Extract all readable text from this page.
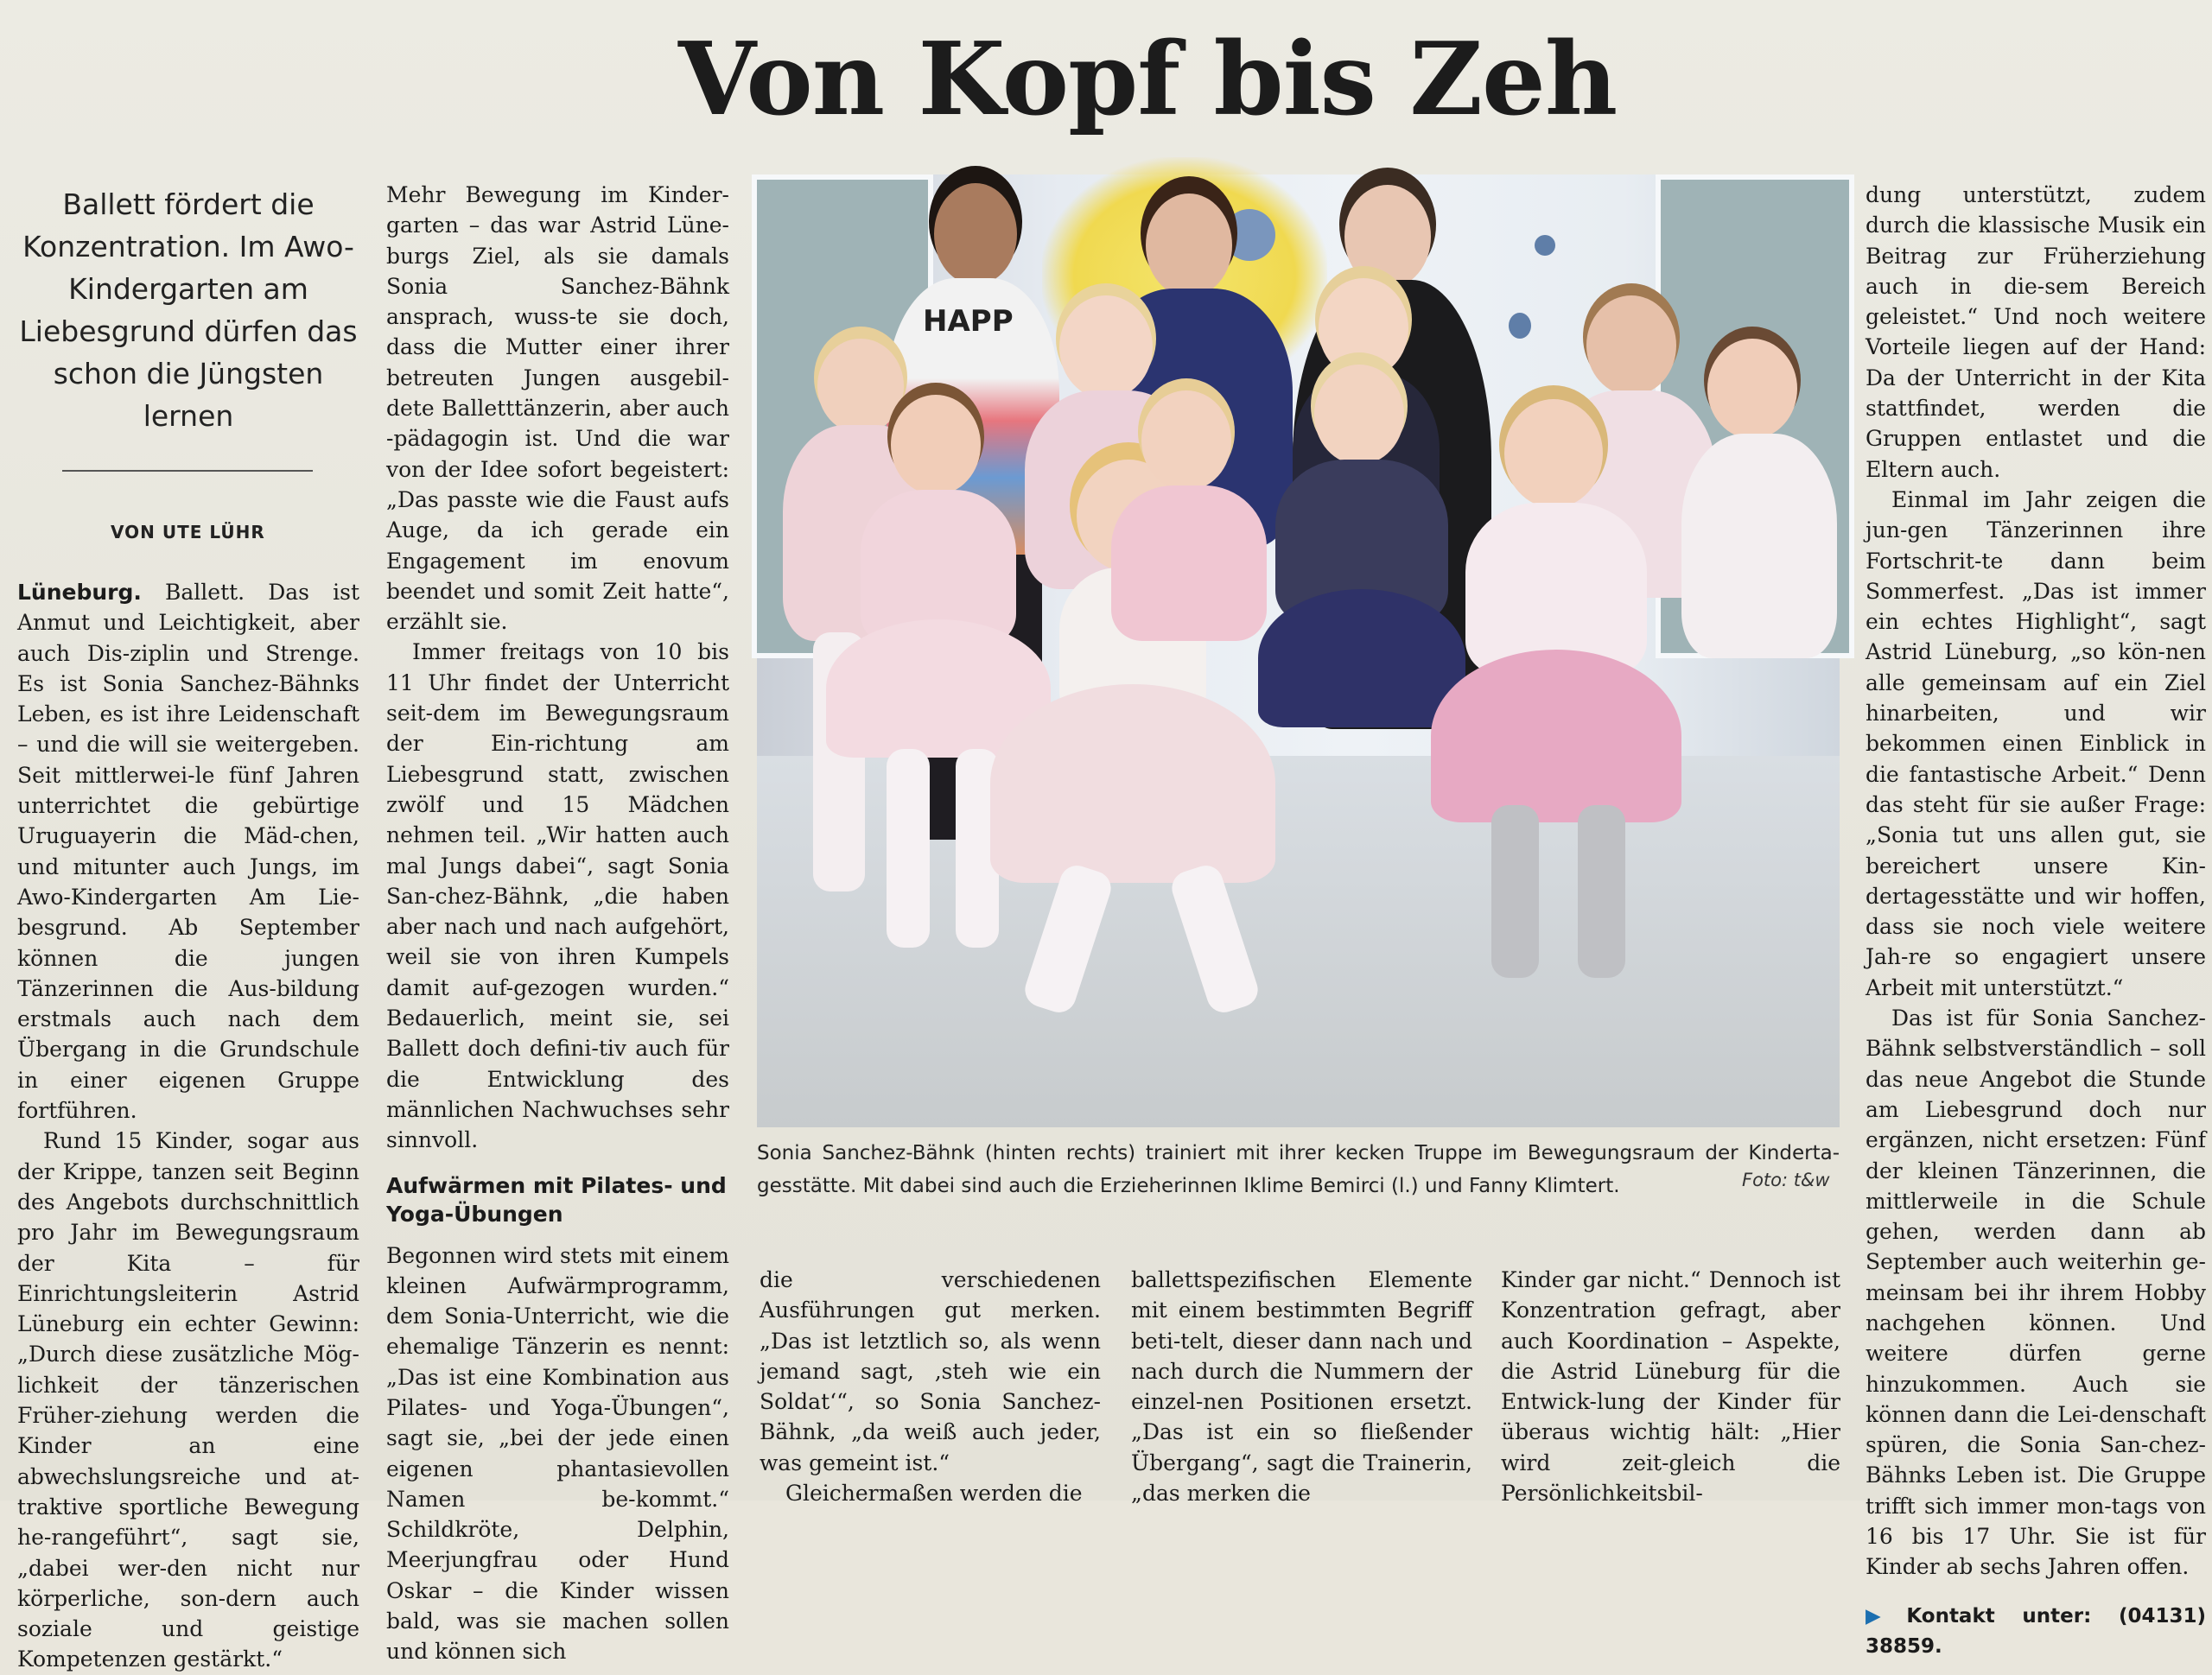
Von Kopf bis Zeh
Ballett fördert die Konzentration. Im Awo-Kindergarten am Liebesgrund dürfen das schon die Jüngsten lernen
VON UTE LÜHR

Lüneburg. Ballett. Das ist Anmut und Leichtigkeit, aber auch Dis-ziplin und Strenge. Es ist Sonia Sanchez-Bähnks Leben, es ist ihre Leidenschaft – und die will sie weitergeben. Seit mittlerwei-le fünf Jahren unterrichtet die gebürtige Uruguayerin die Mäd-chen, und mitunter auch Jungs, im Awo-Kindergarten Am Lie-besgrund. Ab September können die jungen Tänzerinnen die Aus-bildung erstmals auch nach dem Übergang in die Grundschule in einer eigenen Gruppe fortführen.

Rund 15 Kinder, sogar aus der Krippe, tanzen seit Beginn des Angebots durchschnittlich pro Jahr im Bewegungsraum der Kita – für Einrichtungsleiterin Astrid Lüneburg ein echter Gewinn: „Durch diese zusätzliche Mög-lichkeit der tänzerischen Früher-ziehung werden die Kinder an eine abwechslungsreiche und at-traktive sportliche Bewegung he-rangeführt“, sagt sie, „dabei wer-den nicht nur körperliche, son-dern auch soziale und geistige Kompetenzen gestärkt.“

Mehr Bewegung im Kinder-garten – das war Astrid Lüne-burgs Ziel, als sie damals Sonia Sanchez-Bähnk ansprach, wuss-te sie doch, dass die Mutter einer ihrer betreuten Jungen ausgebil-dete Balletttänzerin, aber auch -pädagogin ist. Und die war von der Idee sofort begeistert: „Das passte wie die Faust aufs Auge, da ich gerade ein Engagement im enovum beendet und somit Zeit hatte“, erzählt sie.

Immer freitags von 10 bis 11 Uhr findet der Unterricht seit-dem im Bewegungsraum der Ein-richtung am Liebesgrund statt, zwischen zwölf und 15 Mädchen nehmen teil. „Wir hatten auch mal Jungs dabei“, sagt Sonia San-chez-Bähnk, „die haben aber nach und nach aufgehört, weil sie von ihren Kumpels damit auf-gezogen wurden.“ Bedauerlich, meint sie, sei Ballett doch defini-tiv auch für die Entwicklung des männlichen Nachwuchses sehr sinnvoll.

Aufwärmen mit Pilates- und Yoga-Übungen

Begonnen wird stets mit einem kleinen Aufwärmprogramm, dem Sonia-Unterricht, wie die ehemalige Tänzerin es nennt: „Das ist eine Kombination aus Pilates- und Yoga-Übungen“, sagt sie, „bei der jede einen eigenen phantasievollen Namen be-kommt.“ Schildkröte, Delphin, Meerjungfrau oder Hund Oskar – die Kinder wissen bald, was sie machen sollen und können sich

HAPP
Sonia Sanchez-Bähnk (hinten rechts) trainiert mit ihrer kecken Truppe im Bewegungsraum der Kinderta-gesstätte. Mit dabei sind auch die Erzieherinnen Iklime Bemirci (l.) und Fanny Klimtert.	Foto: t&w

die verschiedenen Ausführungen gut merken. „Das ist letztlich so, als wenn jemand sagt, ‚steh wie ein Soldat‘“, so Sonia Sanchez-Bähnk, „da weiß auch jeder, was gemeint ist.“

Gleichermaßen werden die

ballettspezifischen Elemente mit einem bestimmten Begriff beti-telt, dieser dann nach und nach durch die Nummern der einzel-nen Positionen ersetzt. „Das ist ein so fließender Übergang“, sagt die Trainerin, „das merken die

Kinder gar nicht.“ Dennoch ist Konzentration gefragt, aber auch Koordination – Aspekte, die Astrid Lüneburg für die Entwick-lung der Kinder für überaus wichtig hält: „Hier wird zeit-gleich die Persönlichkeitsbil-

dung unterstützt, zudem durch die klassische Musik ein Beitrag zur Früherziehung auch in die-sem Bereich geleistet.“ Und noch weitere Vorteile liegen auf der Hand: Da der Unterricht in der Kita stattfindet, werden die Gruppen entlastet und die Eltern auch.

Einmal im Jahr zeigen die jun-gen Tänzerinnen ihre Fortschrit-te dann beim Sommerfest. „Das ist immer ein echtes Highlight“, sagt Astrid Lüneburg, „so kön-nen alle gemeinsam auf ein Ziel hinarbeiten, und wir bekommen einen Einblick in die fantastische Arbeit.“ Denn das steht für sie außer Frage: „Sonia tut uns allen gut, sie bereichert unsere Kin-dertagesstätte und wir hoffen, dass sie noch viele weitere Jah-re so engagiert unsere Arbeit mit unterstützt.“

Das ist für Sonia Sanchez-Bähnk selbstverständlich – soll das neue Angebot die Stunde am Liebesgrund doch nur ergänzen, nicht ersetzen: Fünf der kleinen Tänzerinnen, die mittlerweile in die Schule gehen, werden dann ab September auch weiterhin ge-meinsam bei ihr ihrem Hobby nachgehen können. Und weitere dürfen gerne hinzukommen. Auch sie können dann die Lei-denschaft spüren, die Sonia San-chez-Bähnks Leben ist. Die Gruppe trifft sich immer mon-tags von 16 bis 17 Uhr. Sie ist für Kinder ab sechs Jahren offen.

▶ Kontakt unter: (04131) 38859.
